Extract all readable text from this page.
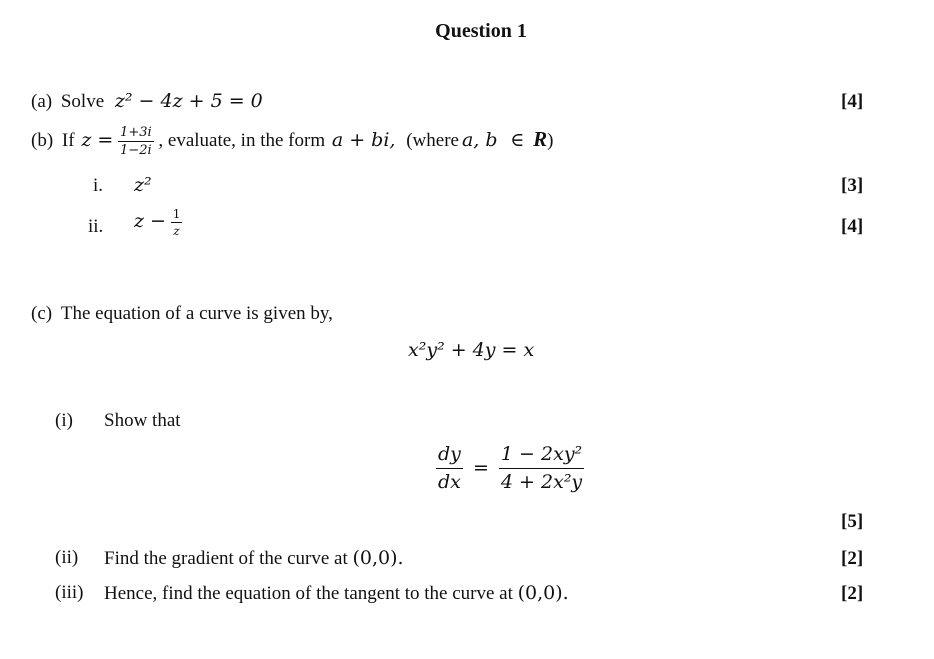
Question 1
(a) Solve z² − 4z + 5 = 0	[4]
(b) If $z = \frac{1+3i}{1-2i}$ , evaluate, in the form a + bi, (where a, b ∈ R)
i. z²	[3]
ii. $z - \frac{1}{z}$	[4]
(c) The equation of a curve is given by,
x²y² + 4y = x
(i) Show that
$\frac{dy}{dx} = \frac{\text{1 − 2xy²}}{\text{4 + 2x²y}}$
[5]
(ii) Find the gradient of the curve at (0,0).	[2]
(iii) Hence, find the equation of the tangent to the curve at (0,0).	[2]
